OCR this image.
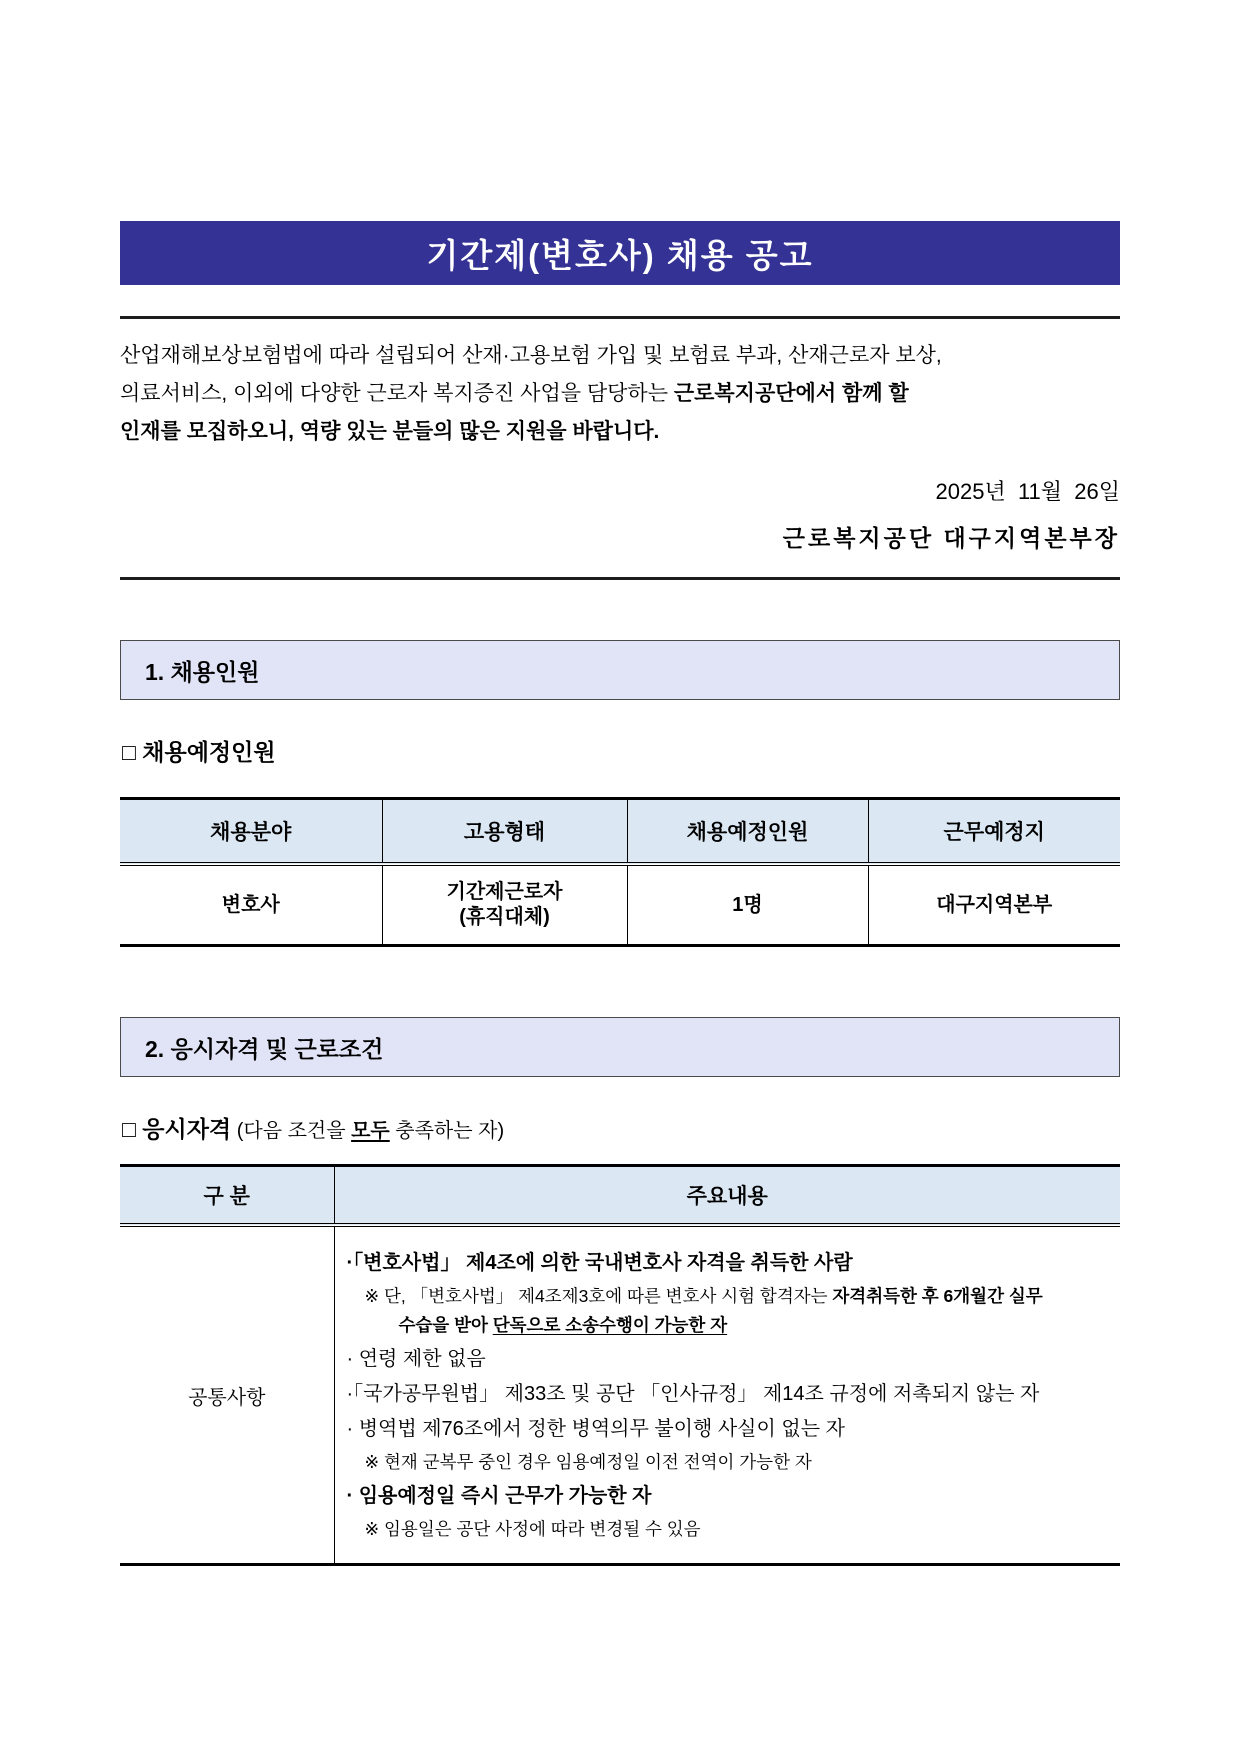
기간제(변호사) 채용 공고

산업재해보상보험법에 따라 설립되어 산재·고용보험 가입 및 보험료 부과, 산재근로자 보상,
의료서비스, 이외에 다양한 근로자 복지증진 사업을 담당하는 근로복지공단에서 함께 할
인재를 모집하오니, 역량 있는 분들의 많은 지원을 바랍니다.

2025년  11월  26일
근로복지공단 대구지역본부장
1. 채용인원
□ 채용예정인원
채용분야	고용형태	채용예정인원	근무예정지
변호사	기간제근로자
(휴직대체)	1명	대구지역본부
2. 응시자격 및 근로조건
□ 응시자격 (다음 조건을 모두 충족하는 자)
구 분	주요내용
공통사항	
·「변호사법」 제4조에 의한 국내변호사 자격을 취득한 사람
※ 단, 「변호사법」 제4조제3호에 따른 변호사 시험 합격자는 자격취득한 후 6개월간 실무
수습을 받아 단독으로 소송수행이 가능한 자
· 연령 제한 없음
·「국가공무원법」 제33조 및 공단 「인사규정」 제14조 규정에 저촉되지 않는 자
· 병역법 제76조에서 정한 병역의무 불이행 사실이 없는 자
※ 현재 군복무 중인 경우 임용예정일 이전 전역이 가능한 자
· 임용예정일 즉시 근무가 가능한 자
※ 임용일은 공단 사정에 따라 변경될 수 있음
